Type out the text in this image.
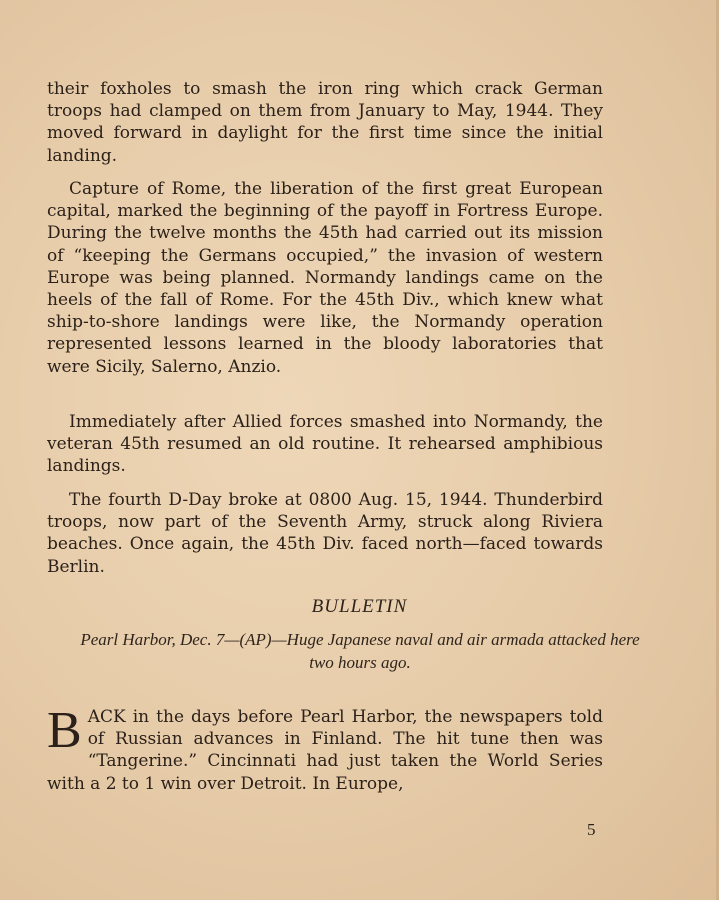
their foxholes to smash the iron ring which crack German troops had clamped on them from January to May, 1944. They moved forward in daylight for the first time since the initial landing.

Capture of Rome, the liberation of the first great European capital, marked the beginning of the payoff in Fortress Europe. During the twelve months the 45th had carried out its mission of “keeping the Germans occupied,” the invasion of western Europe was being planned. Normandy landings came on the heels of the fall of Rome. For the 45th Div., which knew what ship-to-shore landings were like, the Normandy operation represented lessons learned in the bloody laboratories that were Sicily, Salerno, Anzio.

Immediately after Allied forces smashed into Normandy, the veteran 45th resumed an old routine. It rehearsed amphibious landings.

The fourth D-Day broke at 0800 Aug. 15, 1944. Thunderbird troops, now part of the Seventh Army, struck along Riviera beaches. Once again, the 45th Div. faced north—faced towards Berlin.

BULLETIN

Pearl Harbor, Dec. 7—(AP)—Huge Japanese naval and air armada attacked here two hours ago.

BACK in the days before Pearl Harbor, the newspapers told of Russian advances in Finland. The hit tune then was “Tangerine.” Cincinnati had just taken the World Series with a 2 to 1 win over Detroit. In Europe,

5
